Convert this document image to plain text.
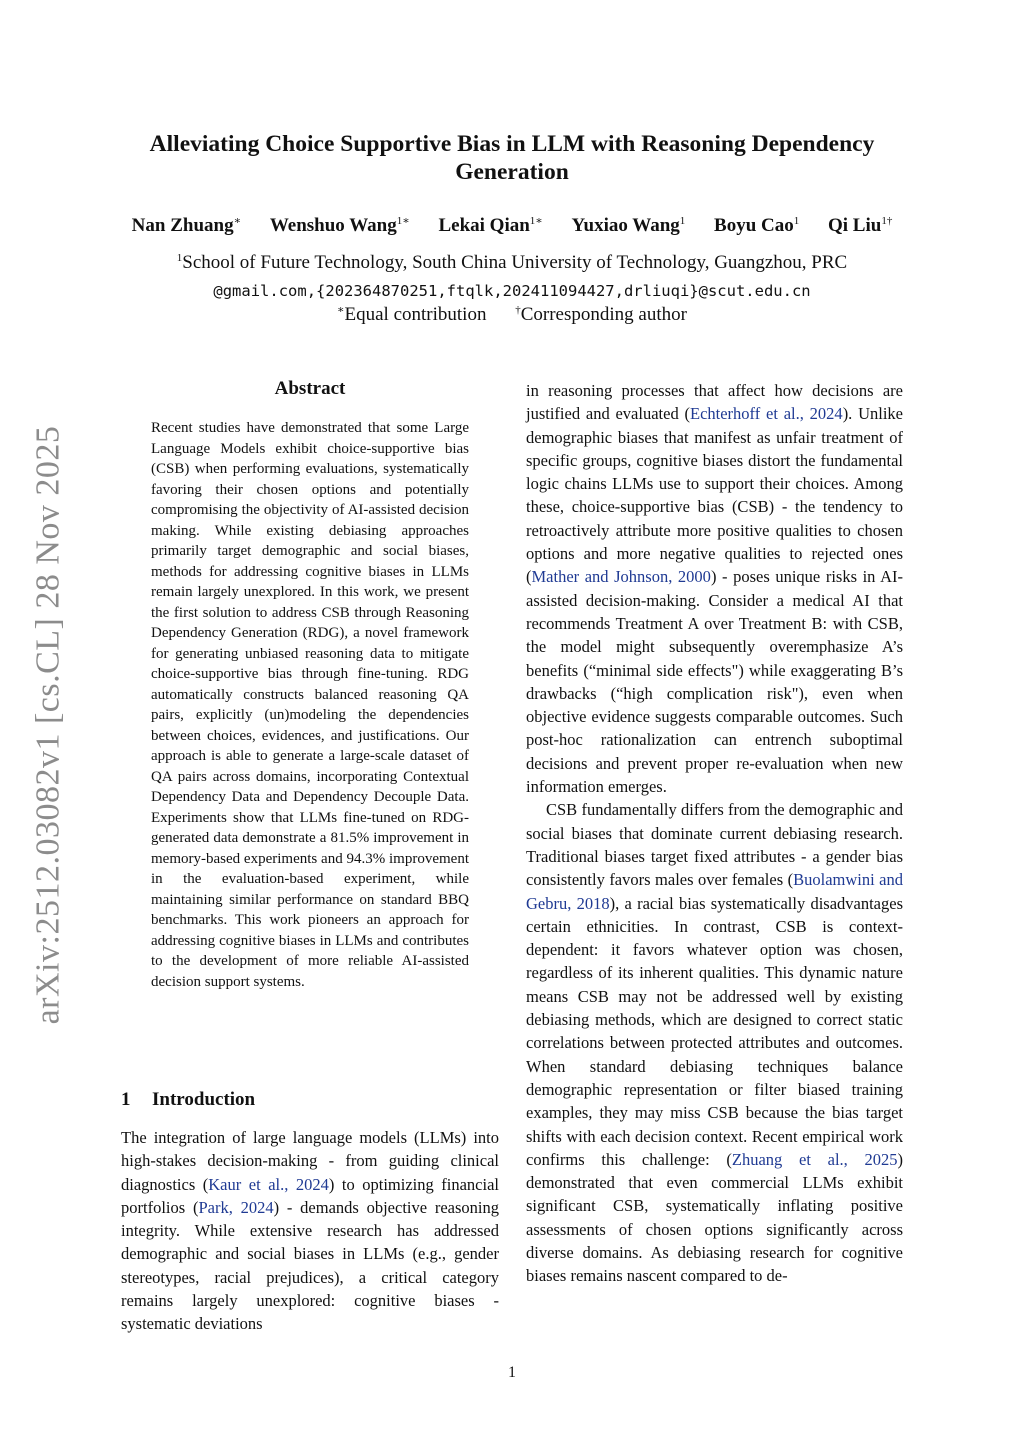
arXiv:2512.03082v1 [cs.CL] 28 Nov 2025
Alleviating Choice Supportive Bias in LLM with Reasoning Dependency Generation
Nan Zhuang∗ Wenshuo Wang$^{1∗}$ Lekai Qian$^{1∗}$ Yuxiao Wang$^1$ Boyu Cao$^1$ Qi Liu$^{1\dagger}$
$^1$School of Future Technology, South China University of Technology, Guangzhou, PRC
@gmail.com,{202364870251,ftqlk,202411094427,drliuqi}@scut.edu.cn
∗Equal contribution	†Corresponding author
Abstract

Recent studies have demonstrated that some Large Language Models exhibit choice-supportive bias (CSB) when performing evaluations, systematically favoring their chosen options and potentially compromising the objectivity of AI-assisted decision making. While existing debiasing approaches primarily target demographic and social biases, methods for addressing cognitive biases in LLMs remain largely unexplored. In this work, we present the first solution to address CSB through Reasoning Dependency Generation (RDG), a novel framework for generating unbiased reasoning data to mitigate choice-supportive bias through fine-tuning. RDG automatically constructs balanced reasoning QA pairs, explicitly (un)modeling the dependencies between choices, evidences, and justifications. Our approach is able to generate a large-scale dataset of QA pairs across domains, incorporating Contextual Dependency Data and Dependency Decouple Data. Experiments show that LLMs fine-tuned on RDG-generated data demonstrate a 81.5% improvement in memory-based experiments and 94.3% improvement in the evaluation-based experiment, while maintaining similar performance on standard BBQ benchmarks. This work pioneers an approach for addressing cognitive biases in LLMs and contributes to the development of more reliable AI-assisted decision support systems.

1 Introduction

The integration of large language models (LLMs) into high-stakes decision-making - from guiding clinical diagnostics (Kaur et al., 2024) to optimizing financial portfolios (Park, 2024) - demands objective reasoning integrity. While extensive research has addressed demographic and social biases in LLMs (e.g., gender stereotypes, racial prejudices), a critical category remains largely unexplored: cognitive biases - systematic deviations

in reasoning processes that affect how decisions are justified and evaluated (Echterhoff et al., 2024). Unlike demographic biases that manifest as unfair treatment of specific groups, cognitive biases distort the fundamental logic chains LLMs use to support their choices. Among these, choice-supportive bias (CSB) - the tendency to retroactively attribute more positive qualities to chosen options and more negative qualities to rejected ones (Mather and Johnson, 2000) - poses unique risks in AI-assisted decision-making. Consider a medical AI that recommends Treatment A over Treatment B: with CSB, the model might subsequently overemphasize A’s benefits (“minimal side effects") while exaggerating B’s drawbacks (“high complication risk"), even when objective evidence suggests comparable outcomes. Such post-hoc rationalization can entrench suboptimal decisions and prevent proper re-evaluation when new information emerges.

CSB fundamentally differs from the demographic and social biases that dominate current debiasing research. Traditional biases target fixed attributes - a gender bias consistently favors males over females (Buolamwini and Gebru, 2018), a racial bias systematically disadvantages certain ethnicities. In contrast, CSB is context-dependent: it favors whatever option was chosen, regardless of its inherent qualities. This dynamic nature means CSB may not be addressed well by existing debiasing methods, which are designed to correct static correlations between protected attributes and outcomes. When standard debiasing techniques balance demographic representation or filter biased training examples, they may miss CSB because the bias target shifts with each decision context. Recent empirical work confirms this challenge: (Zhuang et al., 2025) demonstrated that even commercial LLMs exhibit significant CSB, systematically inflating positive assessments of chosen options significantly across diverse domains. As debiasing research for cognitive biases remains nascent compared to de-

1
